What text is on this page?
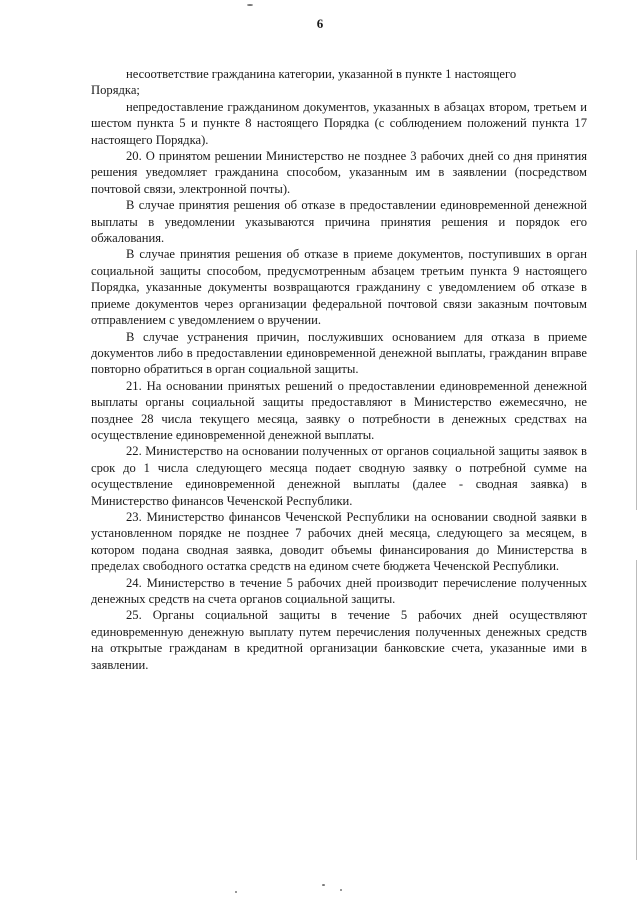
6

несоответствие гражданина категории, указанной в пункте 1 настоящего

Порядка;

непредоставление гражданином документов, указанных в абзацах втором, третьем и шестом пункта 5 и пункте 8 настоящего Порядка (с соблюдением положений пункта 17 настоящего Порядка).

20. О принятом решении Министерство не позднее 3 рабочих дней со дня принятия решения уведомляет гражданина способом, указанным им в заявлении (посредством почтовой связи, электронной почты).

В случае принятия решения об отказе в предоставлении единовременной денежной выплаты в уведомлении указываются причина принятия решения и порядок его обжалования.

В случае принятия решения об отказе в приеме документов, поступивших в орган социальной защиты способом, предусмотренным абзацем третьим пункта 9 настоящего Порядка, указанные документы возвращаются гражданину с уведомлением об отказе в приеме документов через организации федеральной почтовой связи заказным почтовым отправлением с уведомлением о вручении.

В случае устранения причин, послуживших основанием для отказа в приеме документов либо в предоставлении единовременной денежной выплаты, гражданин вправе повторно обратиться в орган социальной защиты.

21. На основании принятых решений о предоставлении единовременной денежной выплаты органы социальной защиты предоставляют в Министерство ежемесячно, не позднее 28 числа текущего месяца, заявку о потребности в денежных средствах на осуществление единовременной денежной выплаты.

22. Министерство на основании полученных от органов социальной защиты заявок в срок до 1 числа следующего месяца подает сводную заявку о потребной сумме на осуществление единовременной денежной выплаты (далее - сводная заявка) в Министерство финансов Чеченской Республики.

23. Министерство финансов Чеченской Республики на основании сводной заявки в установленном порядке не позднее 7 рабочих дней месяца, следующего за месяцем, в котором подана сводная заявка, доводит объемы финансирования до Министерства в пределах свободного остатка средств на едином счете бюджета Чеченской Республики.

24. Министерство в течение 5 рабочих дней производит перечисление полученных денежных средств на счета органов социальной защиты.

25. Органы социальной защиты в течение 5 рабочих дней осуществляют единовременную денежную выплату путем перечисления полученных денежных средств на открытые гражданам в кредитной организации банковские счета, указанные ими в заявлении.
